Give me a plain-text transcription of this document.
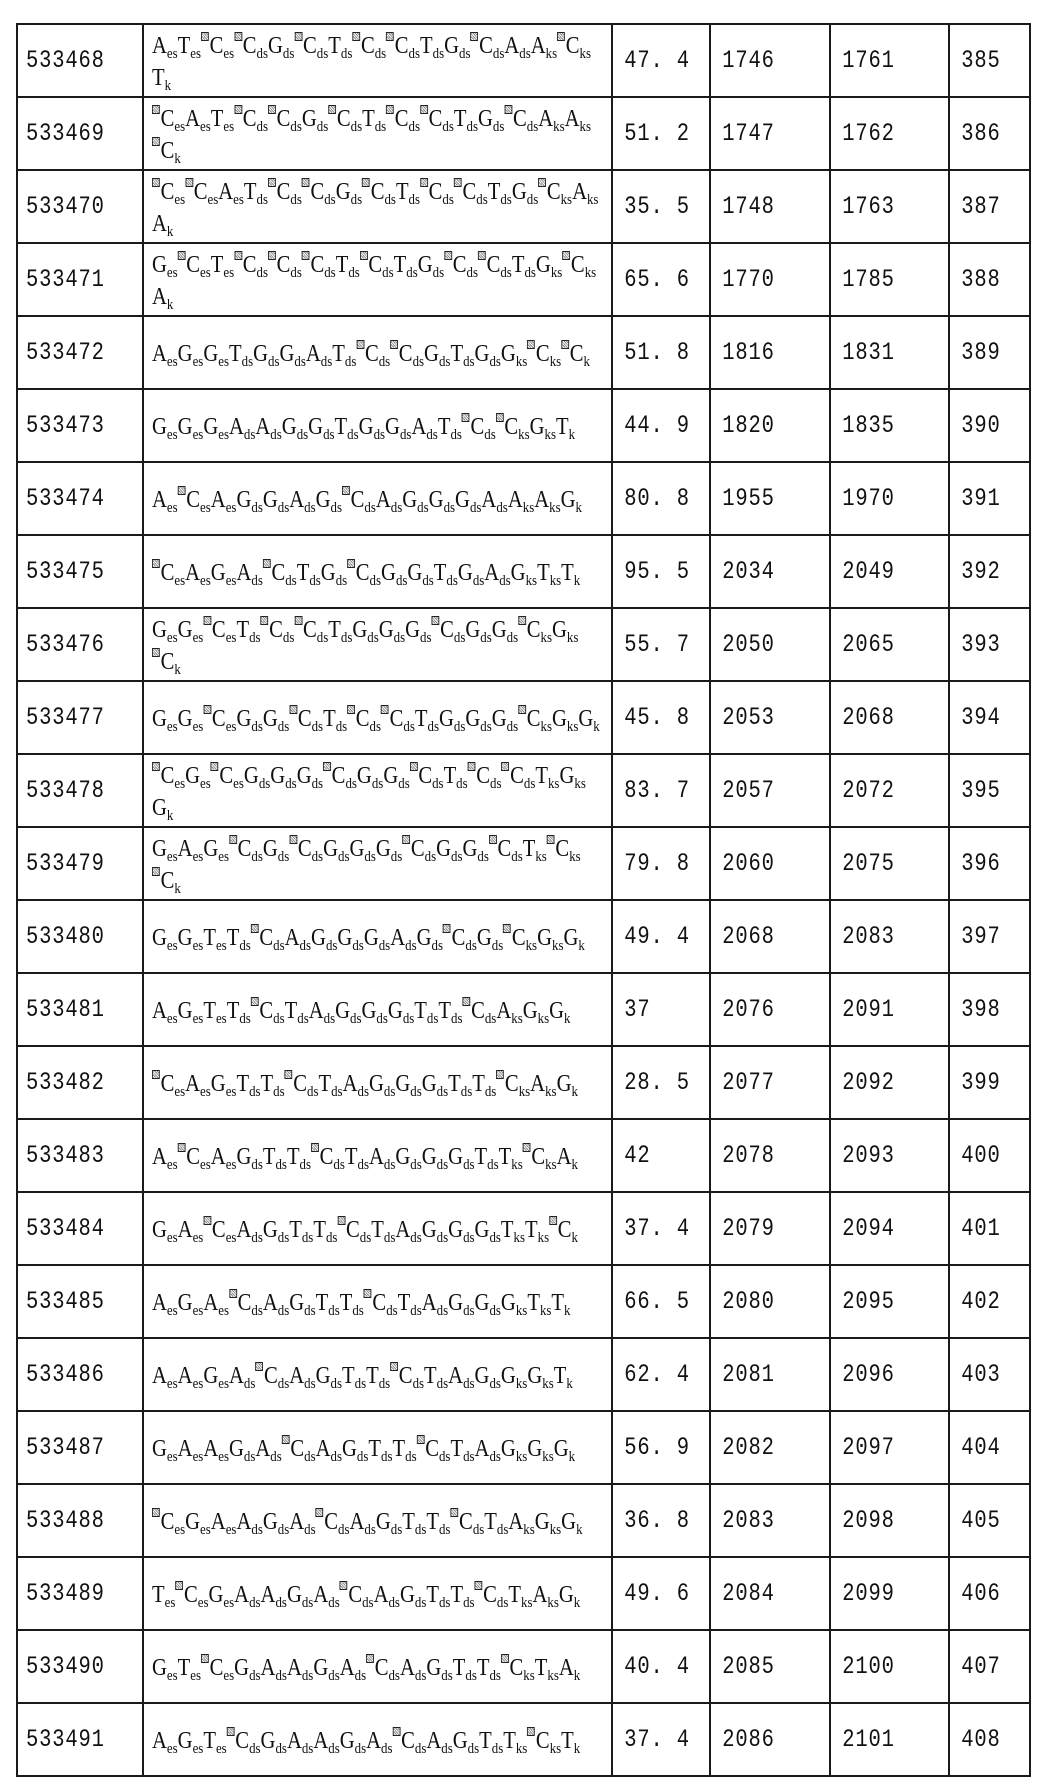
533468	$A_{es}T_{es}$ $C_{es}$ $C_{ds}G_{ds}$ $C_{ds}T_{ds}$ $C_{ds}$ $C_{ds}T_{ds}G_{ds}$ $C_{ds}A_{ds}A_{ks}$ $C_{ks}T_k$	47. 4	1746	1761	385
533469	$C_{es}A_{es}T_{es}$ $C_{ds}$ $C_{ds}G_{ds}$ $C_{ds}T_{ds}$ $C_{ds}$ $C_{ds}T_{ds}G_{ds}$ $C_{ds}A_{ks}A_{ks}C_k$	51. 2	1747	1762	386
533470	$C_{es}$ $C_{es}A_{es}T_{ds}$ $C_{ds}$ $C_{ds}G_{ds}$ $C_{ds}T_{ds}$ $C_{ds}$ $C_{ds}T_{ds}G_{ds}$ $C_{ks}A_{ks}A_k$	35. 5	1748	1763	387
533471	$G_{es}$ $C_{es}T_{es}$ $C_{ds}$ $C_{ds}$ $C_{ds}T_{ds}$ $C_{ds}T_{ds}G_{ds}$ $C_{ds}$ $C_{ds}T_{ds}G_{ks}$ $C_{ks}A_k$	65. 6	1770	1785	388
533472	$A_{es}G_{es}G_{es}T_{ds}G_{ds}G_{ds}A_{ds}T_{ds}$ $C_{ds}$ $C_{ds}G_{ds}T_{ds}G_{ds}G_{ks}$ $C_{ks}$ $C_k$	51. 8	1816	1831	389
533473	$G_{es}G_{es}G_{es}A_{ds}A_{ds}G_{ds}G_{ds}T_{ds}G_{ds}G_{ds}A_{ds}T_{ds}$ $C_{ds}$ $C_{ks}G_{ks}T_k$	44. 9	1820	1835	390
533474	$A_{es}$ $C_{es}A_{es}G_{ds}G_{ds}A_{ds}G_{ds}$ $C_{ds}A_{ds}G_{ds}G_{ds}G_{ds}A_{ds}A_{ks}A_{ks}G_k$	80. 8	1955	1970	391
533475	$C_{es}A_{es}G_{es}A_{ds}$ $C_{ds}T_{ds}G_{ds}$ $C_{ds}G_{ds}G_{ds}T_{ds}G_{ds}A_{ds}G_{ks}T_{ks}T_k$	95. 5	2034	2049	392
533476	$G_{es}G_{es}$ $C_{es}T_{ds}$ $C_{ds}$ $C_{ds}T_{ds}G_{ds}G_{ds}G_{ds}$ $C_{ds}G_{ds}G_{ds}$ $C_{ks}G_{ks}C_k$	55. 7	2050	2065	393
533477	$G_{es}G_{es}$ $C_{es}G_{ds}G_{ds}$ $C_{ds}T_{ds}$ $C_{ds}$ $C_{ds}T_{ds}G_{ds}G_{ds}G_{ds}$ $C_{ks}G_{ks}G_k$	45. 8	2053	2068	394
533478	$C_{es}G_{es}$ $C_{es}G_{ds}G_{ds}G_{ds}$ $C_{ds}G_{ds}G_{ds}$ $C_{ds}T_{ds}$ $C_{ds}$ $C_{ds}T_{ks}G_{ks}G_k$	83. 7	2057	2072	395
533479	$G_{es}A_{es}G_{es}$ $C_{ds}G_{ds}$ $C_{ds}G_{ds}G_{ds}G_{ds}$ $C_{ds}G_{ds}G_{ds}$ $C_{ds}T_{ks}$ $C_{ks}C_k$	79. 8	2060	2075	396
533480	$G_{es}G_{es}T_{es}T_{ds}$ $C_{ds}A_{ds}G_{ds}G_{ds}G_{ds}A_{ds}G_{ds}$ $C_{ds}G_{ds}$ $C_{ks}G_{ks}G_k$	49. 4	2068	2083	397
533481	$A_{es}G_{es}T_{es}T_{ds}$ $C_{ds}T_{ds}A_{ds}G_{ds}G_{ds}G_{ds}T_{ds}T_{ds}$ $C_{ds}A_{ks}G_{ks}G_k$	37	2076	2091	398
533482	$C_{es}A_{es}G_{es}T_{ds}T_{ds}$ $C_{ds}T_{ds}A_{ds}G_{ds}G_{ds}G_{ds}T_{ds}T_{ds}$ $C_{ks}A_{ks}G_k$	28. 5	2077	2092	399
533483	$A_{es}$ $C_{es}A_{es}G_{ds}T_{ds}T_{ds}$ $C_{ds}T_{ds}A_{ds}G_{ds}G_{ds}G_{ds}T_{ds}T_{ks}$ $C_{ks}A_k$	42	2078	2093	400
533484	$G_{es}A_{es}$ $C_{es}A_{ds}G_{ds}T_{ds}T_{ds}$ $C_{ds}T_{ds}A_{ds}G_{ds}G_{ds}G_{ds}T_{ks}T_{ks}$ $C_k$	37. 4	2079	2094	401
533485	$A_{es}G_{es}A_{es}$ $C_{ds}A_{ds}G_{ds}T_{ds}T_{ds}$ $C_{ds}T_{ds}A_{ds}G_{ds}G_{ds}G_{ks}T_{ks}T_k$	66. 5	2080	2095	402
533486	$A_{es}A_{es}G_{es}A_{ds}$ $C_{ds}A_{ds}G_{ds}T_{ds}T_{ds}$ $C_{ds}T_{ds}A_{ds}G_{ds}G_{ks}G_{ks}T_k$	62. 4	2081	2096	403
533487	$G_{es}A_{es}A_{es}G_{ds}A_{ds}$ $C_{ds}A_{ds}G_{ds}T_{ds}T_{ds}$ $C_{ds}T_{ds}A_{ds}G_{ks}G_{ks}G_k$	56. 9	2082	2097	404
533488	$C_{es}G_{es}A_{es}A_{ds}G_{ds}A_{ds}$ $C_{ds}A_{ds}G_{ds}T_{ds}T_{ds}$ $C_{ds}T_{ds}A_{ks}G_{ks}G_k$	36. 8	2083	2098	405
533489	$T_{es}$ $C_{es}G_{es}A_{ds}A_{ds}G_{ds}A_{ds}$ $C_{ds}A_{ds}G_{ds}T_{ds}T_{ds}$ $C_{ds}T_{ks}A_{ks}G_k$	49. 6	2084	2099	406
533490	$G_{es}T_{es}$ $C_{es}G_{ds}A_{ds}A_{ds}G_{ds}A_{ds}$ $C_{ds}A_{ds}G_{ds}T_{ds}T_{ds}$ $C_{ks}T_{ks}A_k$	40. 4	2085	2100	407
533491	$A_{es}G_{es}T_{es}$ $C_{ds}G_{ds}A_{ds}A_{ds}G_{ds}A_{ds}$ $C_{ds}A_{ds}G_{ds}T_{ds}T_{ks}$ $C_{ks}T_k$	37. 4	2086	2101	408
